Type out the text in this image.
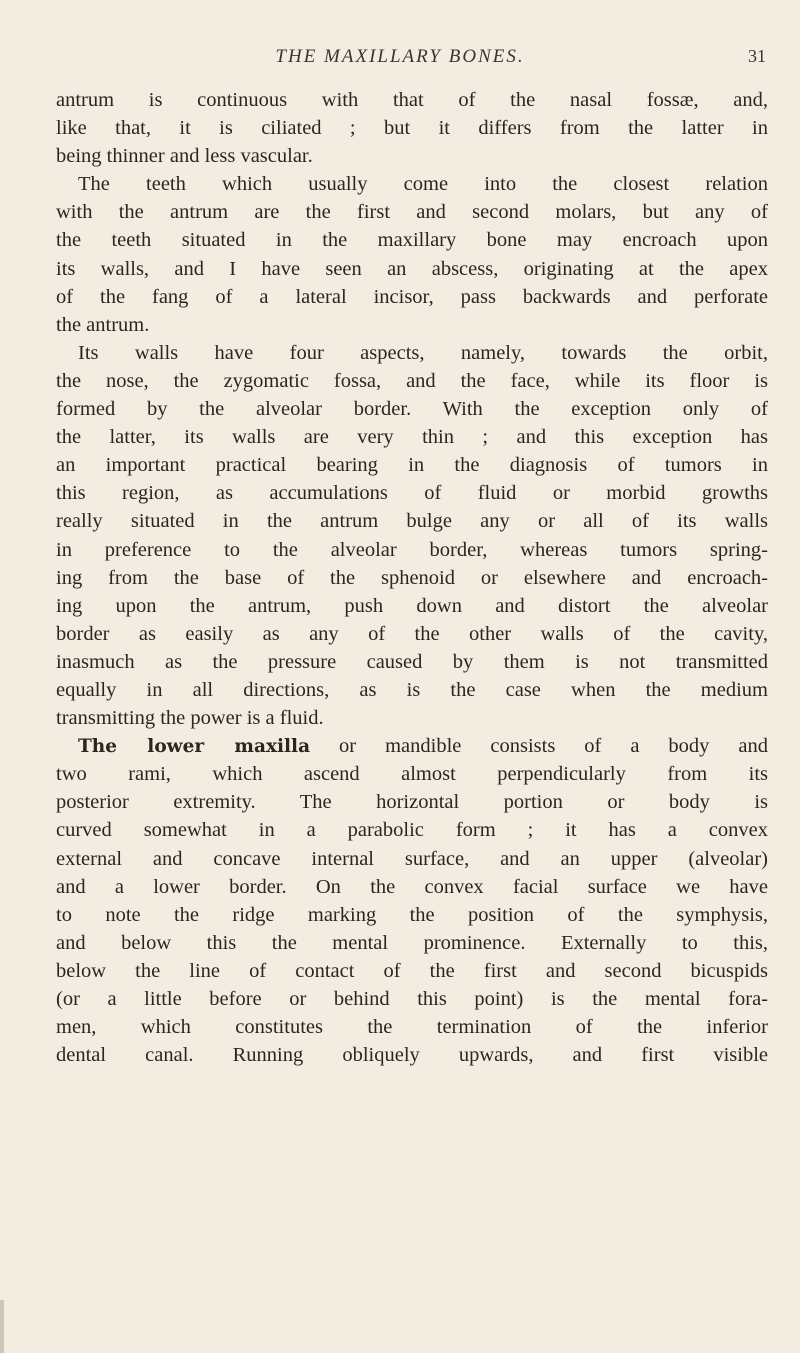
THE MAXILLARY BONES.	31
antrum is continuous with that of the nasal fossæ, and,
like that, it is ciliated ; but it differs from the latter in
being thinner and less vascular.
The teeth which usually come into the closest relation
with the antrum are the first and second molars, but any of
the teeth situated in the maxillary bone may encroach upon
its walls, and I have seen an abscess, originating at the apex
of the fang of a lateral incisor, pass backwards and perforate
the antrum.
Its walls have four aspects, namely, towards the orbit,
the nose, the zygomatic fossa, and the face, while its floor is
formed by the alveolar border. With the exception only of
the latter, its walls are very thin ; and this exception has
an important practical bearing in the diagnosis of tumors in
this region, as accumulations of fluid or morbid growths
really situated in the antrum bulge any or all of its walls
in preference to the alveolar border, whereas tumors spring-
ing from the base of the sphenoid or elsewhere and encroach-
ing upon the antrum, push down and distort the alveolar
border as easily as any of the other walls of the cavity,
inasmuch as the pressure caused by them is not transmitted
equally in all directions, as is the case when the medium
transmitting the power is a fluid.
The lower maxilla or mandible consists of a body and
two rami, which ascend almost perpendicularly from its
posterior extremity. The horizontal portion or body is
curved somewhat in a parabolic form ; it has a convex
external and concave internal surface, and an upper (alveolar)
and a lower border. On the convex facial surface we have
to note the ridge marking the position of the symphysis,
and below this the mental prominence. Externally to this,
below the line of contact of the first and second bicuspids
(or a little before or behind this point) is the mental fora-
men, which constitutes the termination of the inferior
dental canal. Running obliquely upwards, and first visible
